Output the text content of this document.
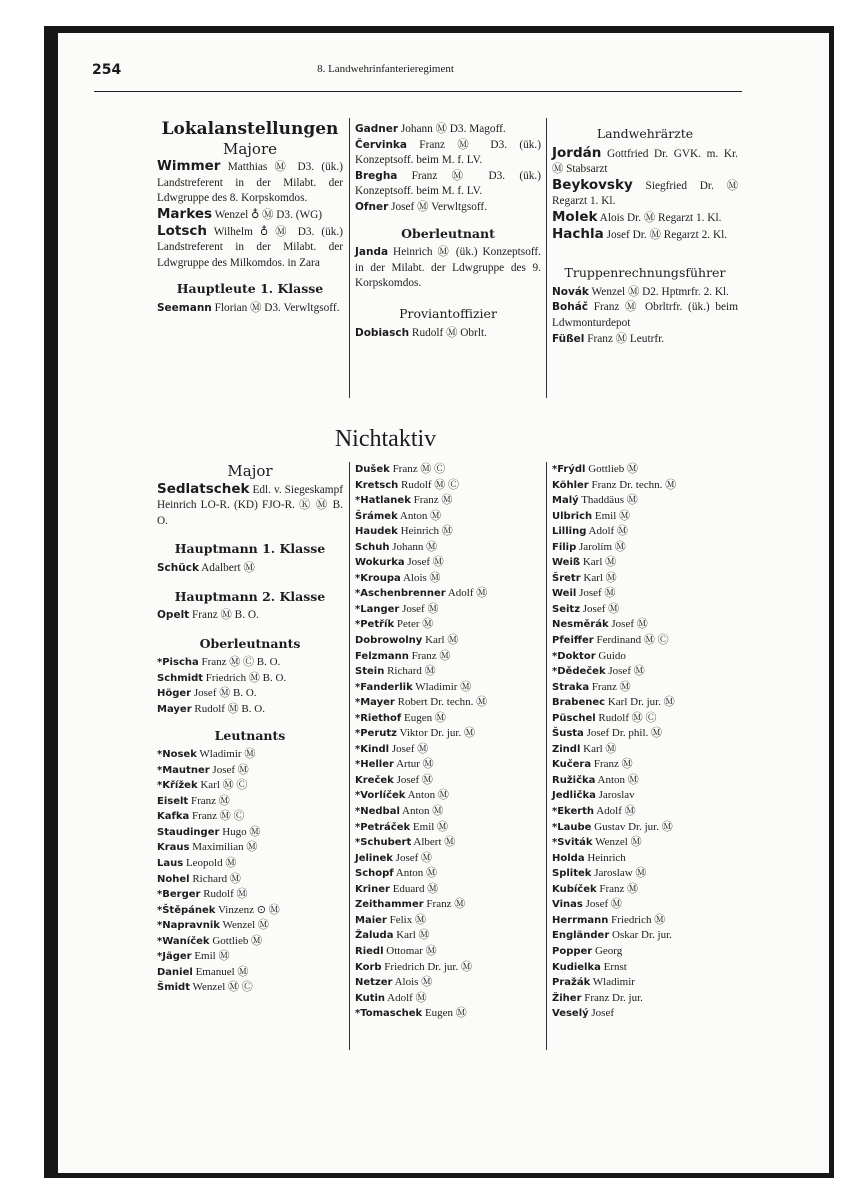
254	8. Landwehrinfanterieregiment
Lokalanstellungen
Majore
Wimmer Matthias Ⓜ D3. (ük.) Landstreferent in der Milabt. der Ldwgruppe des 8. Korpskomdos.
Markes Wenzel ♁ Ⓜ D3. (WG)
Lotsch Wilhelm ♁ Ⓜ D3. (ük.) Landstreferent in der Milabt. der Ldwgruppe des Milkomdos. in Zara
Hauptleute 1. Klasse
Seemann Florian Ⓜ D3. Verwltgsoff.
Gadner Johann Ⓜ D3. Magoff.
Červinka Franz Ⓜ D3. (ük.) Konzeptsoff. beim M. f. LV.
Bregha Franz Ⓜ D3. (ük.) Konzeptsoff. beim M. f. LV.
Ofner Josef Ⓜ Verwltgsoff.
Oberleutnant
Janda Heinrich Ⓜ (ük.) Konzeptsoff. in der Milabt. der Ldwgruppe des 9. Korpskomdos.
Proviantoffizier
Dobiasch Rudolf Ⓜ Obrlt.
Landwehrärzte
Jordán Gottfried Dr. GVK. m. Kr. Ⓜ Stabsarzt
Beykovsky Siegfried Dr. Ⓜ Regarzt 1. Kl.
Molek Alois Dr. Ⓜ Regarzt 1. Kl.
Hachla Josef Dr. Ⓜ Regarzt 2. Kl.
Truppenrechnungsführer
Novák Wenzel Ⓜ D2. Hptmrfr. 2. Kl.
Boháč Franz Ⓜ Obrltrfr. (ük.) beim Ldwmonturdepot
Füßel Franz Ⓜ Leutrfr.
Nichtaktiv
Major
Sedlatschek Edl. v. Siegeskampf Heinrich LO-R. (KD) FJO-R. Ⓚ Ⓜ B. O.
Hauptmann 1. Klasse
Schück Adalbert Ⓜ
Hauptmann 2. Klasse
Opelt Franz Ⓜ B. O.
Oberleutnants
*Pischa Franz Ⓜ Ⓒ B. O.
Schmidt Friedrich Ⓜ B. O.
Höger Josef Ⓜ B. O.
Mayer Rudolf Ⓜ B. O.
Leutnants
*Nosek Wladimir Ⓜ
*Mautner Josef Ⓜ
*Křížek Karl Ⓜ Ⓒ
Eiselt Franz Ⓜ
Kafka Franz Ⓜ Ⓒ
Staudinger Hugo Ⓜ
Kraus Maximilian Ⓜ
Laus Leopold Ⓜ
Nohel Richard Ⓜ
*Berger Rudolf Ⓜ
*Štěpánek Vinzenz ⊙ Ⓜ
*Napravnik Wenzel Ⓜ
*Waníček Gottlieb Ⓜ
*Jäger Emil Ⓜ
Daniel Emanuel Ⓜ
Šmidt Wenzel Ⓜ Ⓒ
Dušek Franz Ⓜ Ⓒ
Kretsch Rudolf Ⓜ Ⓒ
*Hatlanek Franz Ⓜ
Šrámek Anton Ⓜ
Haudek Heinrich Ⓜ
Schuh Johann Ⓜ
Wokurka Josef Ⓜ
*Kroupa Alois Ⓜ
*Aschenbrenner Adolf Ⓜ
*Langer Josef Ⓜ
*Petřík Peter Ⓜ
Dobrowolny Karl Ⓜ
Felzmann Franz Ⓜ
Stein Richard Ⓜ
*Fanderlik Wladimir Ⓜ
*Mayer Robert Dr. techn. Ⓜ
*Riethof Eugen Ⓜ
*Perutz Viktor Dr. jur. Ⓜ
*Kindl Josef Ⓜ
*Heller Artur Ⓜ
Kreček Josef Ⓜ
*Vorlíček Anton Ⓜ
*Nedbal Anton Ⓜ
*Petráček Emil Ⓜ
*Schubert Albert Ⓜ
Jelinek Josef Ⓜ
Schopf Anton Ⓜ
Kriner Eduard Ⓜ
Zeithammer Franz Ⓜ
Maier Felix Ⓜ
Žaluda Karl Ⓜ
Riedl Ottomar Ⓜ
Korb Friedrich Dr. jur. Ⓜ
Netzer Alois Ⓜ
Kutin Adolf Ⓜ
*Tomaschek Eugen Ⓜ
*Frýdl Gottlieb Ⓜ
Köhler Franz Dr. techn. Ⓜ
Malý Thaddäus Ⓜ
Ulbrich Emil Ⓜ
Lilling Adolf Ⓜ
Filip Jarolím Ⓜ
Weiß Karl Ⓜ
Šretr Karl Ⓜ
Weil Josef Ⓜ
Seitz Josef Ⓜ
Nesměrák Josef Ⓜ
Pfeiffer Ferdinand Ⓜ Ⓒ
*Doktor Guido
*Dědeček Josef Ⓜ
Straka Franz Ⓜ
Brabenec Karl Dr. jur. Ⓜ
Püschel Rudolf Ⓜ Ⓒ
Šusta Josef Dr. phil. Ⓜ
Zindl Karl Ⓜ
Kučera Franz Ⓜ
Ružička Anton Ⓜ
Jedlička Jaroslav
*Ekerth Adolf Ⓜ
*Laube Gustav Dr. jur. Ⓜ
*Sviták Wenzel Ⓜ
Holda Heinrich
Splitek Jaroslaw Ⓜ
Kubíček Franz Ⓜ
Vinas Josef Ⓜ
Herrmann Friedrich Ⓜ
Engländer Oskar Dr. jur.
Popper Georg
Kudielka Ernst
Pražák Wladimir
Žiher Franz Dr. jur.
Veselý Josef
